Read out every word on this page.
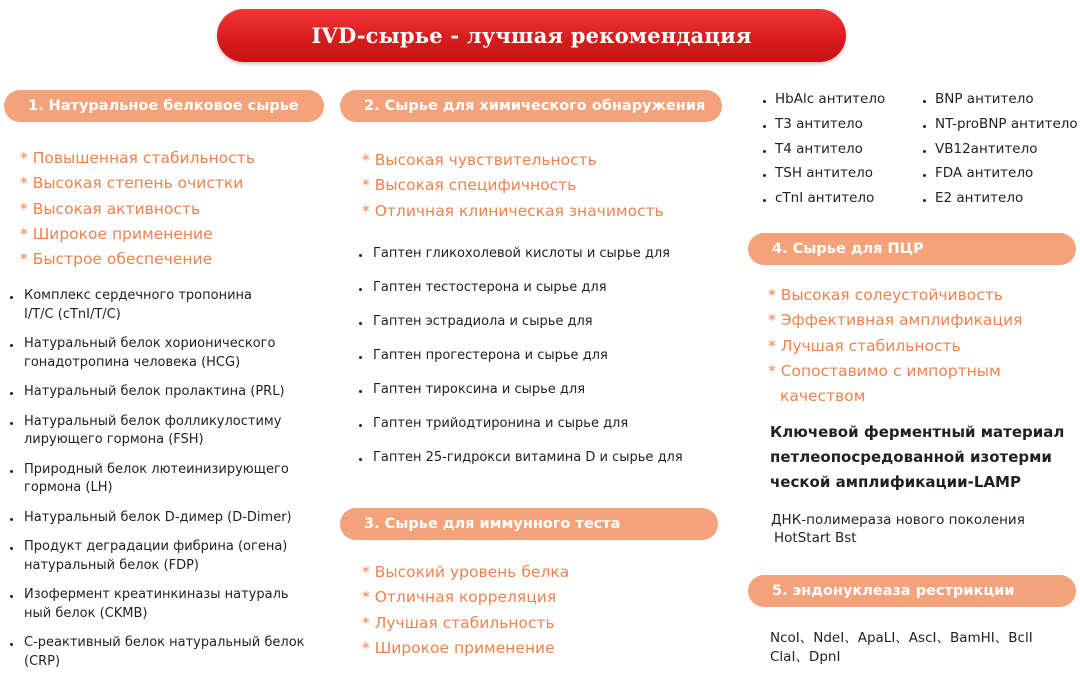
IVD-сырье - лучшая рекомендация
1. Натуральное белковое сырье
* Повышенная стабильность
* Высокая степень очистки
* Высокая активность
* Широкое применение
* Быстрое обеспечение
Комплекс сердечного тропонина I/T/C (cTnI/T/C)
Натуральный белок хорионического гонадотропина человека (HCG)
Натуральный белок пролактина (PRL)
Натуральный белок фолликулостиму лирующего гормона (FSH)
Природный белок лютеинизирующего гормона (LH)
Натуральный белок D-димер (D-Dimer)
Продукт деградации фибрина (огена) натуральный белок (FDP)
Изофермент креатинкиназы натураль ный белок (CKMB)
С-реактивный белок натуральный белок (CRP)
2. Сырье для химического обнаружения
* Высокая чувствительность
* Высокая специфичность
* Отличная клиническая значимость
Гаптен гликохолевой кислоты и сырье для
Гаптен тестостерона и сырье для
Гаптен эстрадиола и сырье для
Гаптен прогестерона и сырье для
Гаптен тироксина и сырье для
Гаптен трийодтиронина и сырье для
Гаптен 25-гидрокси витамина D и сырье для
3. Сырье для иммунного теста
* Высокий уровень белка
* Отличная корреляция
* Лучшая стабильность
* Широкое применение
HbAlc антитело
T3 антитело
T4 антитело
TSH антитело
cTnI антитело
BNP антитело
NT-proBNP антитело
VB12антитело
FDA антитело
E2 антитело
4. Сырье для ПЦР
* Высокая солеустойчивость
* Эффективная амплификация
* Лучшая стабильность
* Сопоставимо с импортным
качеством
Ключевой ферментный материал
петлеопосредованной изотерми
ческой амплификации-LAMP
ДНК-полимераза нового поколения
HotStart Bst
5. эндонуклеаза рестрикции
NcoI、NdeI、ApaLI、AscI、BamHI、BclI
ClaI、DpnI
